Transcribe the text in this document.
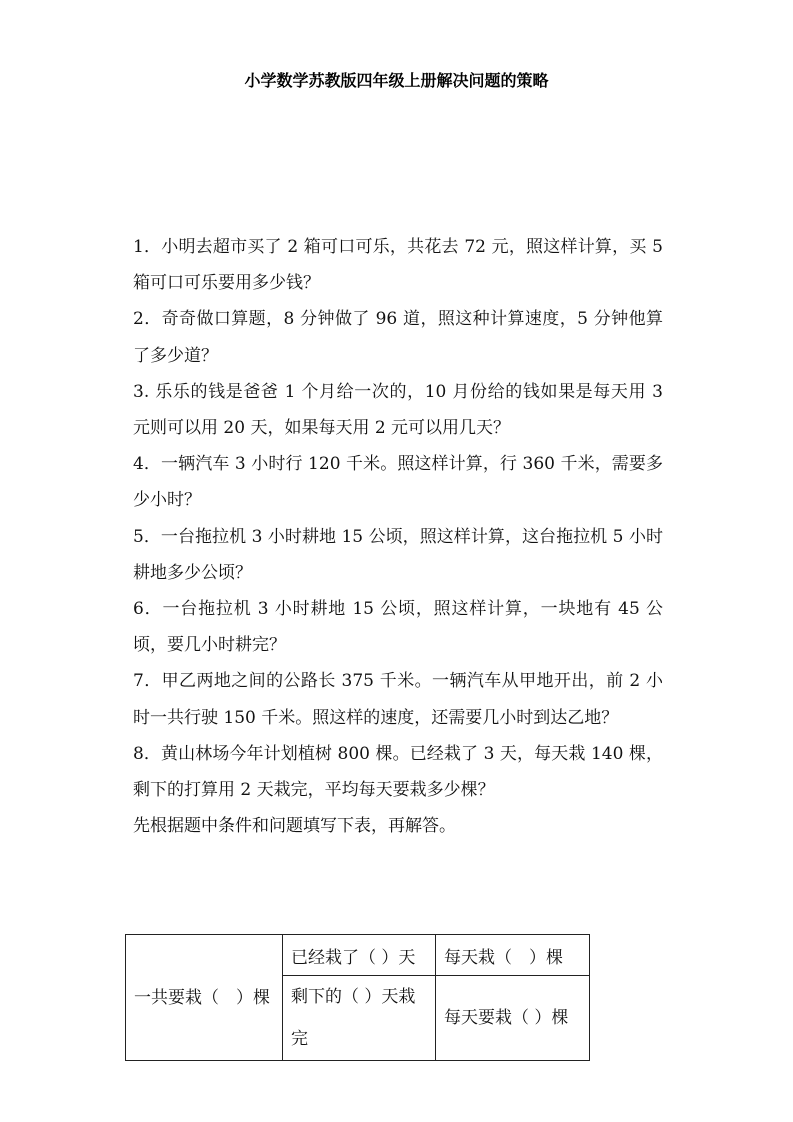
小学数学苏教版四年级上册解决问题的策略

1．小明去超市买了 2 箱可口可乐，共花去 72 元，照这样计算，买 5 箱可口可乐要用多少钱？

2．奇奇做口算题，8 分钟做了 96 道，照这种计算速度，5 分钟他算了多少道？

3. 乐乐的钱是爸爸 1 个月给一次的，10 月份给的钱如果是每天用 3 元则可以用 20 天，如果每天用 2 元可以用几天？

4．一辆汽车 3 小时行 120 千米。照这样计算，行 360 千米，需要多少小时？

5．一台拖拉机 3 小时耕地 15 公顷，照这样计算，这台拖拉机 5 小时耕地多少公顷？

6．一台拖拉机 3 小时耕地 15 公顷，照这样计算，一块地有 45 公顷，要几小时耕完？

7．甲乙两地之间的公路长 375 千米。一辆汽车从甲地开出，前 2 小时一共行驶 150 千米。照这样的速度，还需要几小时到达乙地？

8．黄山林场今年计划植树 800 棵。已经栽了 3 天，每天栽 140 棵，剩下的打算用 2 天栽完，平均每天要栽多少棵？

先根据题中条件和问题填写下表，再解答。

一共要栽（　）棵	已经栽了（ ）天	每天栽（　）棵
	剩下的（ ）天栽完	每天要栽（ ）棵
